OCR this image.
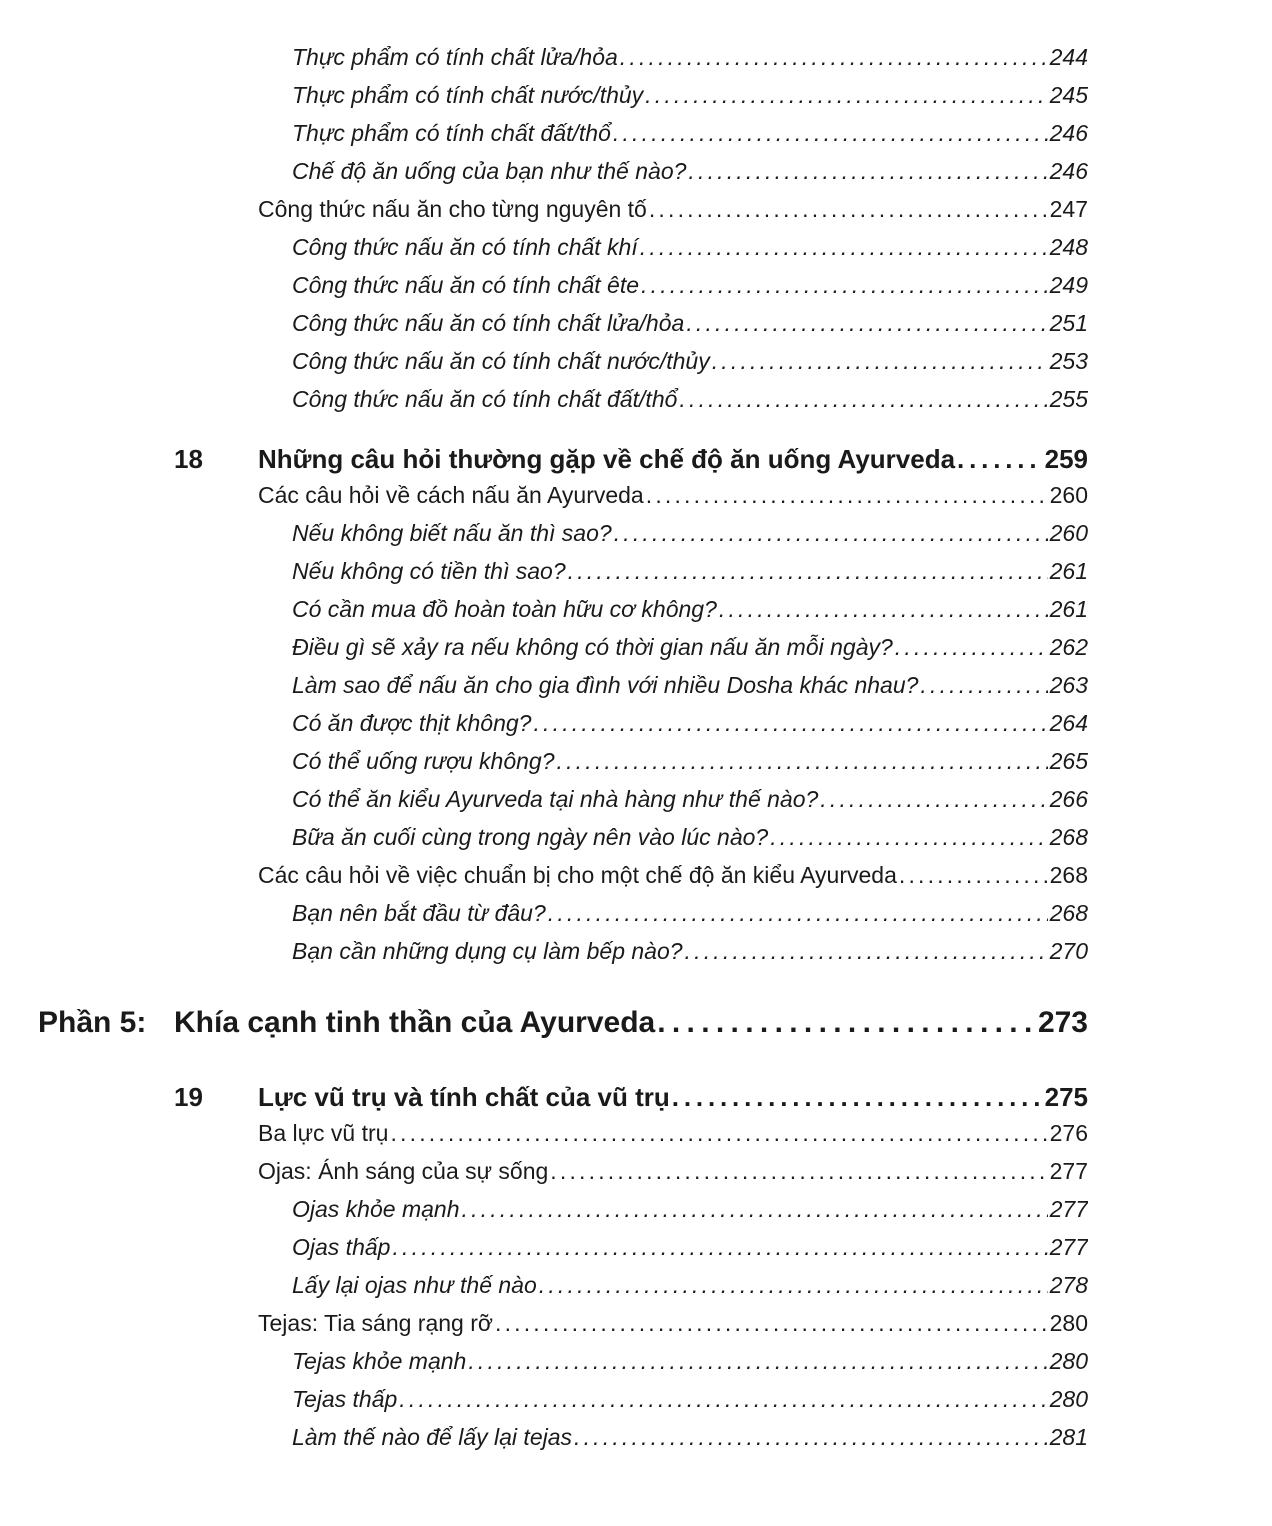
Thực phẩm có tính chất lửa/hỏa . . .	244
Thực phẩm có tính chất nước/thủy . . .	245
Thực phẩm có tính chất đất/thổ . . .	246
Chế độ ăn uống của bạn như thế nào? . . .	246
Công thức nấu ăn cho từng nguyên tố . . .	247
Công thức nấu ăn có tính chất khí . . .	248
Công thức nấu ăn có tính chất ête . . .	249
Công thức nấu ăn có tính chất lửa/hỏa . . .	251
Công thức nấu ăn có tính chất nước/thủy . . .	253
Công thức nấu ăn có tính chất đất/thổ . . .	255
18 Những câu hỏi thường gặp về chế độ ăn uống Ayurveda . . .	259
Các câu hỏi về cách nấu ăn Ayurveda . . .	260
Nếu không biết nấu ăn thì sao? . . .	260
Nếu không có tiền thì sao? . . .	261
Có cần mua đồ hoàn toàn hữu cơ không? . . .	261
Điều gì sẽ xảy ra nếu không có thời gian nấu ăn mỗi ngày? . . .	262
Làm sao để nấu ăn cho gia đình với nhiều Dosha khác nhau? . . .	263
Có ăn được thịt không? . . .	264
Có thể uống rượu không? . . .	265
Có thể ăn kiểu Ayurveda tại nhà hàng như thế nào? . . .	266
Bữa ăn cuối cùng trong ngày nên vào lúc nào? . . .	268
Các câu hỏi về việc chuẩn bị cho một chế độ ăn kiểu Ayurveda . . .	268
Bạn nên bắt đầu từ đâu? . . .	268
Bạn cần những dụng cụ làm bếp nào? . . .	270
Phần 5: Khía cạnh tinh thần của Ayurveda . . .	273
19 Lực vũ trụ và tính chất của vũ trụ . . .	275
Ba lực vũ trụ . . .	276
Ojas: Ánh sáng của sự sống . . .	277
Ojas khỏe mạnh . . .	277
Ojas thấp . . .	277
Lấy lại ojas như thế nào . . .	278
Tejas: Tia sáng rạng rỡ . . .	280
Tejas khỏe mạnh . . .	280
Tejas thấp . . .	280
Làm thế nào để lấy lại tejas . . .	281
